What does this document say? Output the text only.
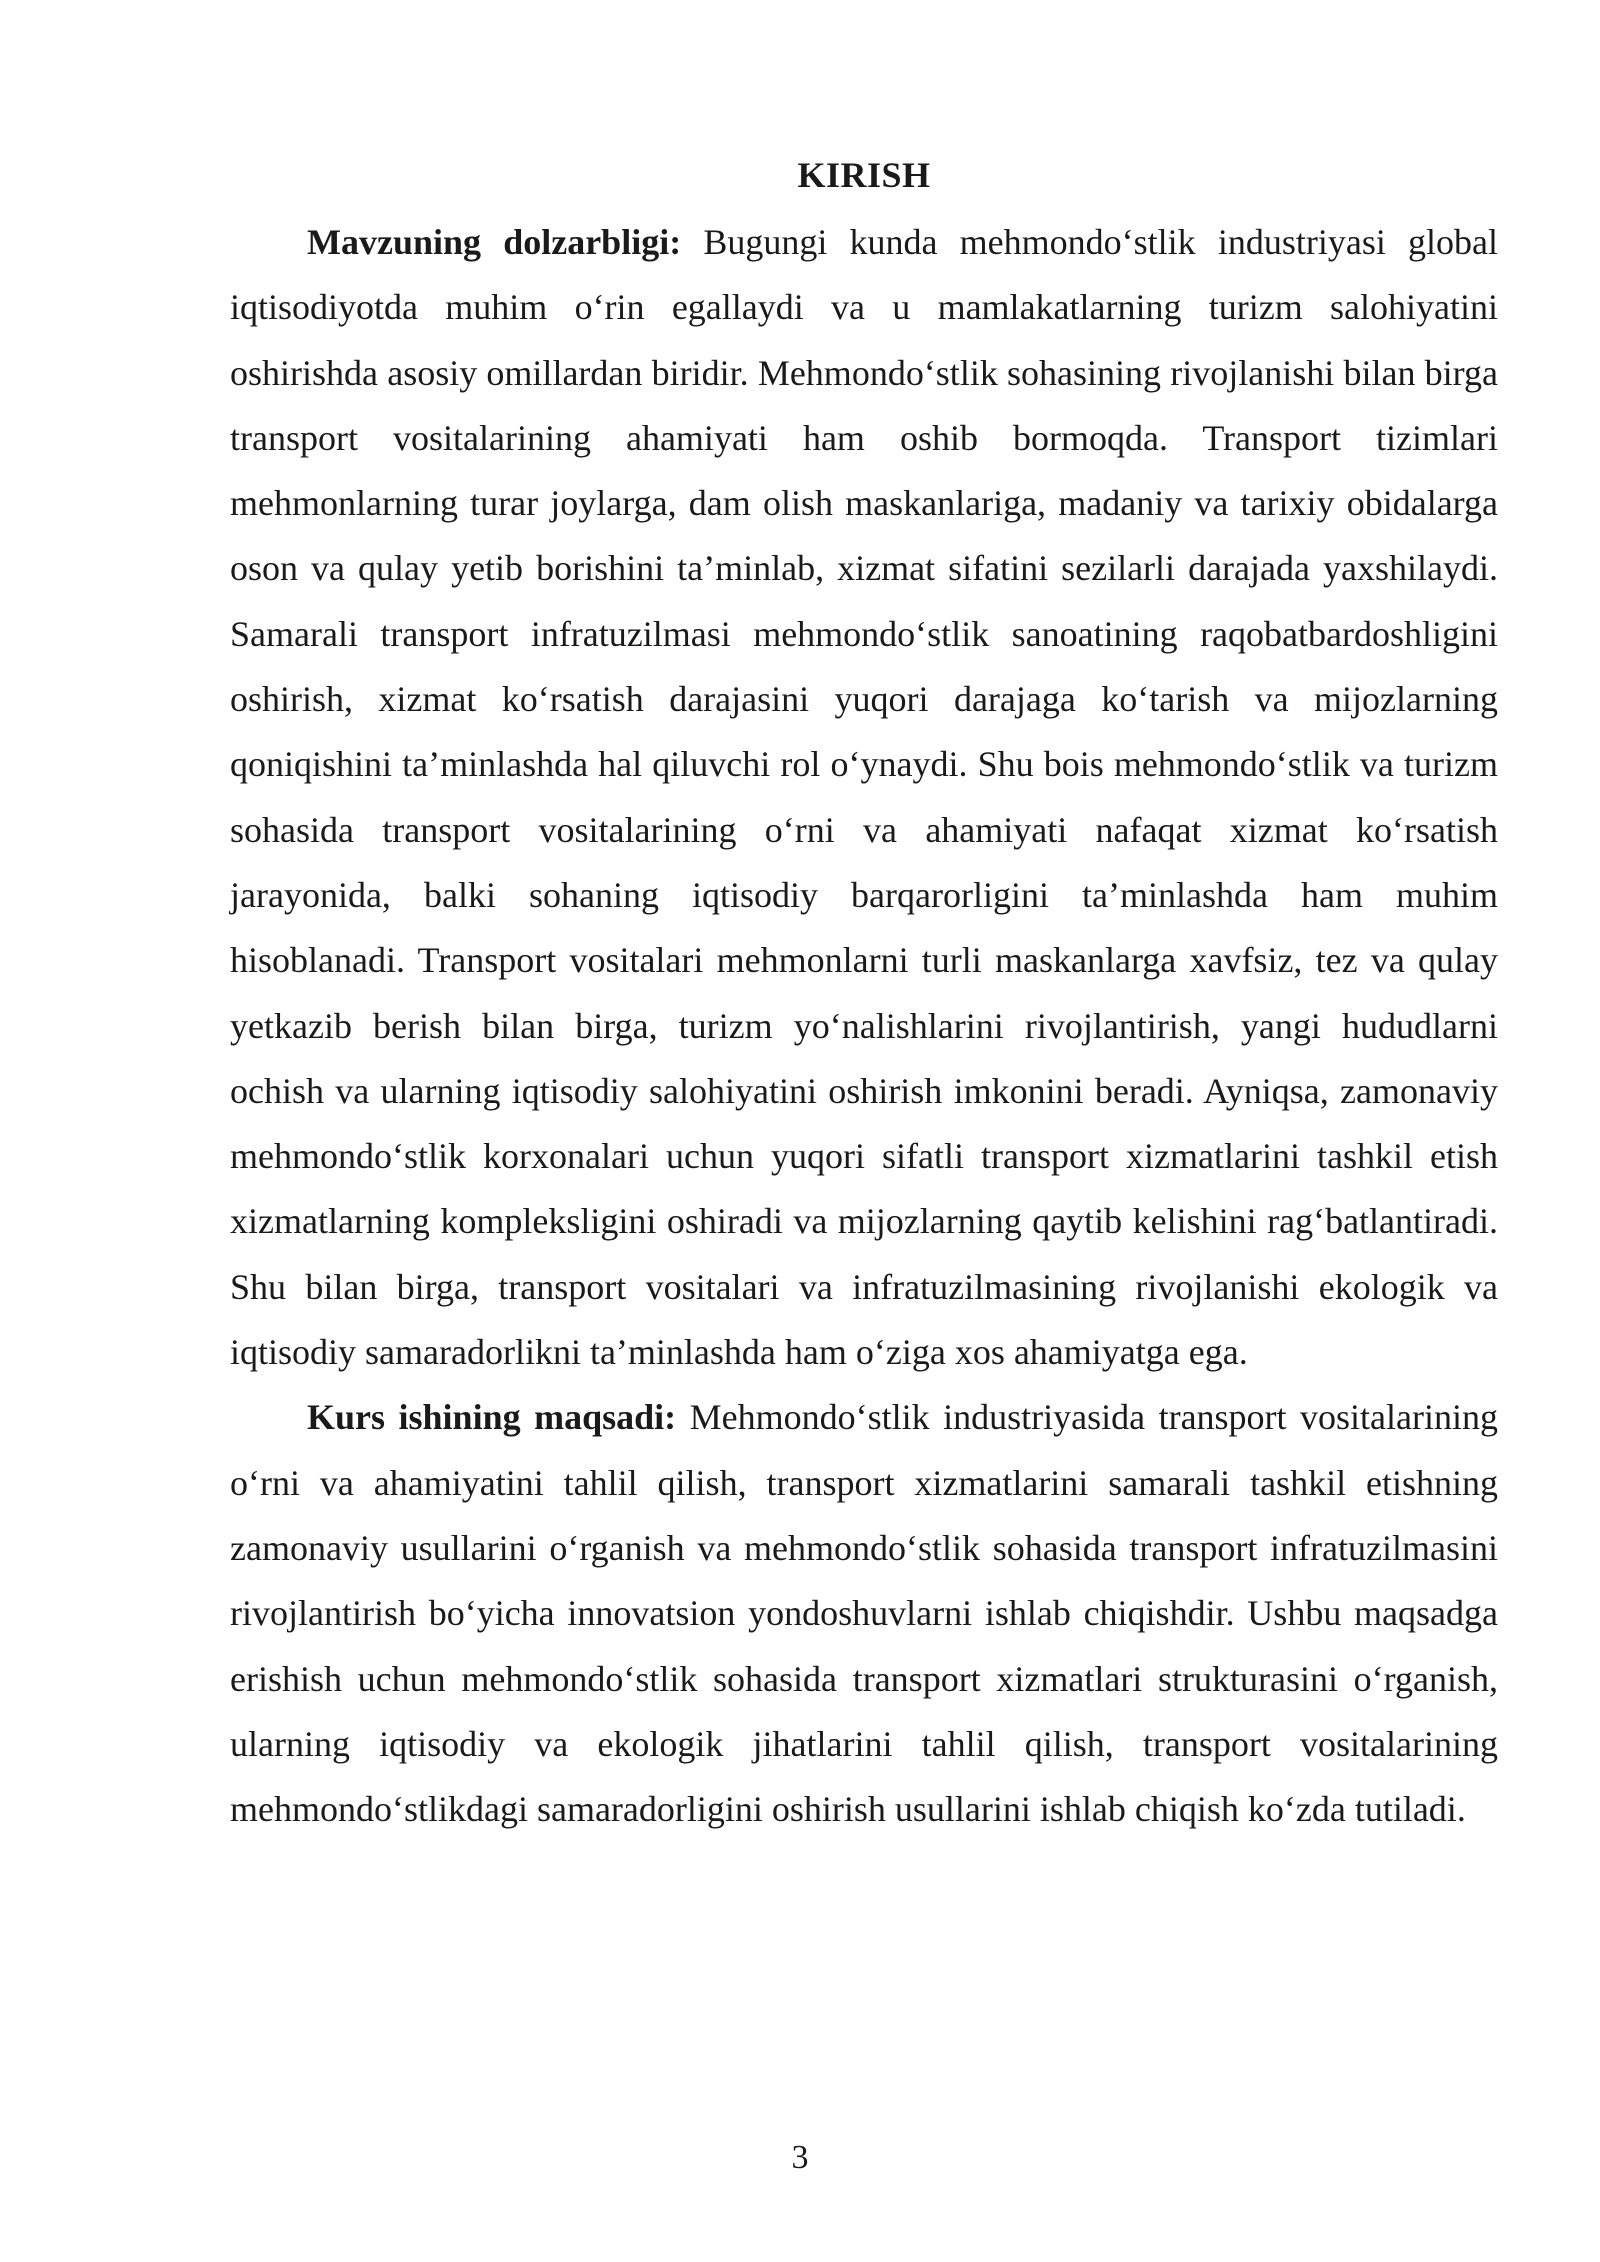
KIRISH

Mavzuning dolzarbligi: Bugungi kunda mehmondo‘stlik industriyasi global iqtisodiyotda muhim o‘rin egallaydi va u mamlakatlarning turizm salohiyatini oshirishda asosiy omillardan biridir. Mehmondo‘stlik sohasining rivojlanishi bilan birga transport vositalarining ahamiyati ham oshib bormoqda. Transport tizimlari mehmonlarning turar joylarga, dam olish maskanlariga, madaniy va tarixiy obidalarga oson va qulay yetib borishini ta’minlab, xizmat sifatini sezilarli darajada yaxshilaydi. Samarali transport infratuzilmasi mehmondo‘stlik sanoatining raqobatbardoshligini oshirish, xizmat ko‘rsatish darajasini yuqori darajaga ko‘tarish va mijozlarning qoniqishini ta’minlashda hal qiluvchi rol o‘ynaydi. Shu bois mehmondo‘stlik va turizm sohasida transport vositalarining o‘rni va ahamiyati nafaqat xizmat ko‘rsatish jarayonida, balki sohaning iqtisodiy barqarorligini ta’minlashda ham muhim hisoblanadi. Transport vositalari mehmonlarni turli maskanlarga xavfsiz, tez va qulay yetkazib berish bilan birga, turizm yo‘nalishlarini rivojlantirish, yangi hududlarni ochish va ularning iqtisodiy salohiyatini oshirish imkonini beradi. Ayniqsa, zamonaviy mehmondo‘stlik korxonalari uchun yuqori sifatli transport xizmatlarini tashkil etish xizmatlarning kompleksligini oshiradi va mijozlarning qaytib kelishini rag‘batlantiradi. Shu bilan birga, transport vositalari va infratuzilmasining rivojlanishi ekologik va iqtisodiy samaradorlikni ta’minlashda ham o‘ziga xos ahamiyatga ega.

Kurs ishining maqsadi: Mehmondo‘stlik industriyasida transport vositalarining o‘rni va ahamiyatini tahlil qilish, transport xizmatlarini samarali tashkil etishning zamonaviy usullarini o‘rganish va mehmondo‘stlik sohasida transport infratuzilmasini rivojlantirish bo‘yicha innovatsion yondoshuvlarni ishlab chiqishdir. Ushbu maqsadga erishish uchun mehmondo‘stlik sohasida transport xizmatlari strukturasini o‘rganish, ularning iqtisodiy va ekologik jihatlarini tahlil qilish, transport vositalarining mehmondo‘stlikdagi samaradorligini oshirish usullarini ishlab chiqish ko‘zda tutiladi.

3
